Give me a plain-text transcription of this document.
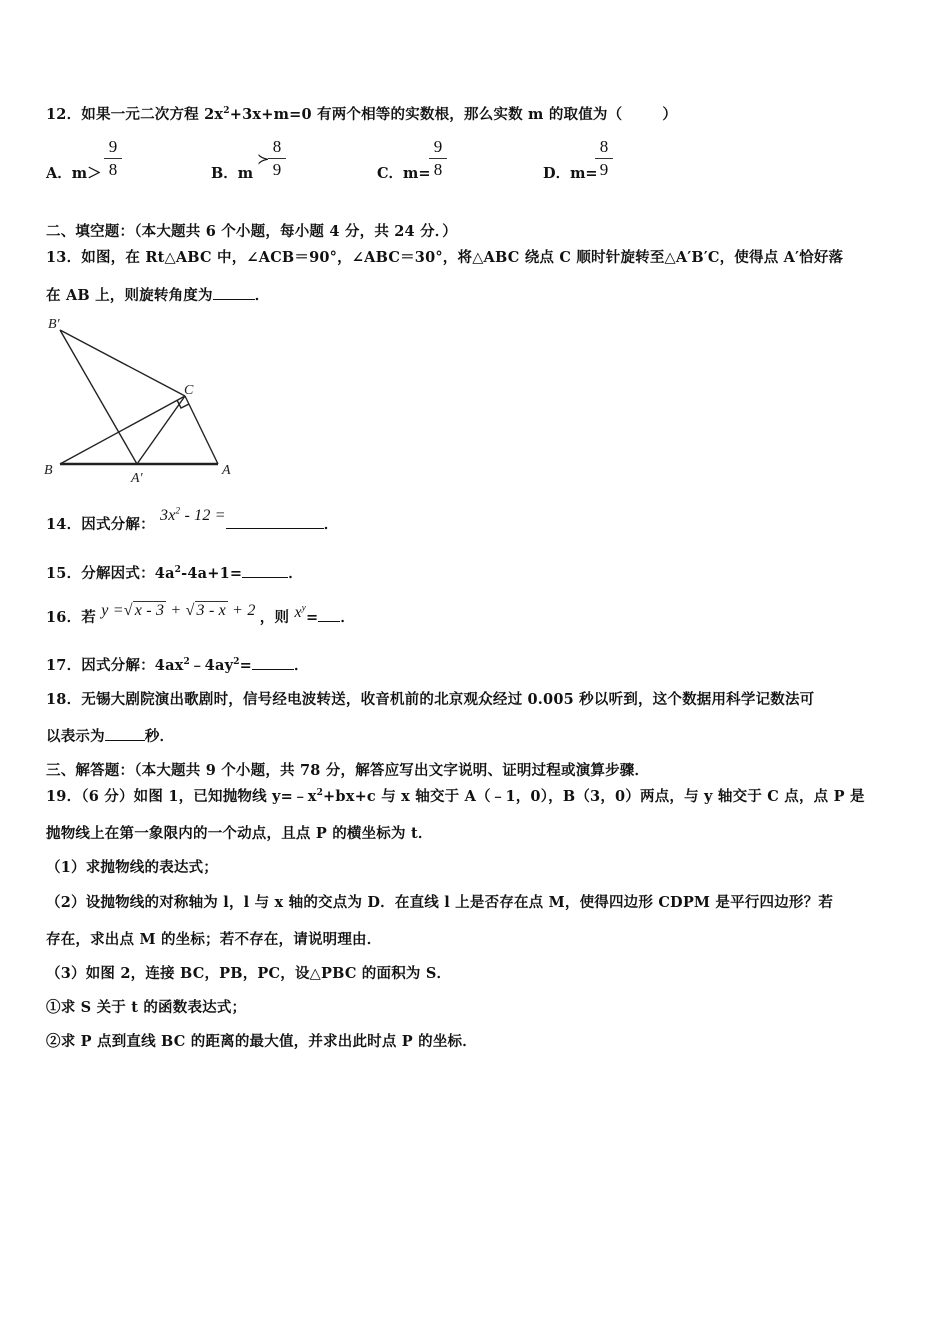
12．如果一元二次方程 $2x^2+3x+m=0$ 有两个相等的实数根，那么实数 m 的取值为（	）
A．m＞
9
8	B．m
≻
8
9	C．m=
9
8	D．m=
8
9
二、填空题：（本大题共 6 个小题，每小题 4 分，共 24 分．）
13．如图，在 Rt△ABC 中，∠ACB＝90°，∠ABC＝30°，将△ABC 绕点 C 顺时针旋转至△A′B′C，使得点 A′恰好落
在 AB 上，则旋转角度为	．
B′
C
B
A′
A
14．因式分解： $3x^2 - 12$ =．
15．分解因式：$4a^2-4a+1=$	．
16．若 y =√ x - 3 + √ 3 - x + 2 ，则 $x^y=$ ．
17．因式分解：$4ax^2﹣4ay^2=$	．
18．无锡大剧院演出歌剧时，信号经电波转送，收音机前的北京观众经过 0.005 秒以听到，这个数据用科学记数法可
以表示为	秒．
三、解答题：（本大题共 9 个小题，共 78 分，解答应写出文字说明、证明过程或演算步骤．
19．（6 分）如图 1，已知抛物线 $y=﹣x^2+bx+c$ 与 x 轴交于 A（﹣1，0），B（3，0）两点，与 y 轴交于 C 点，点 P 是
抛物线上在第一象限内的一个动点，且点 P 的横坐标为 t．
（1）求抛物线的表达式；
（2）设抛物线的对称轴为 l，l 与 x 轴的交点为 D．在直线 l 上是否存在点 M，使得四边形 CDPM 是平行四边形？若
存在，求出点 M 的坐标；若不存在，请说明理由．
（3）如图 2，连接 BC，PB，PC，设△PBC 的面积为 S．
①求 S 关于 t 的函数表达式；
②求 P 点到直线 BC 的距离的最大值，并求出此时点 P 的坐标．
